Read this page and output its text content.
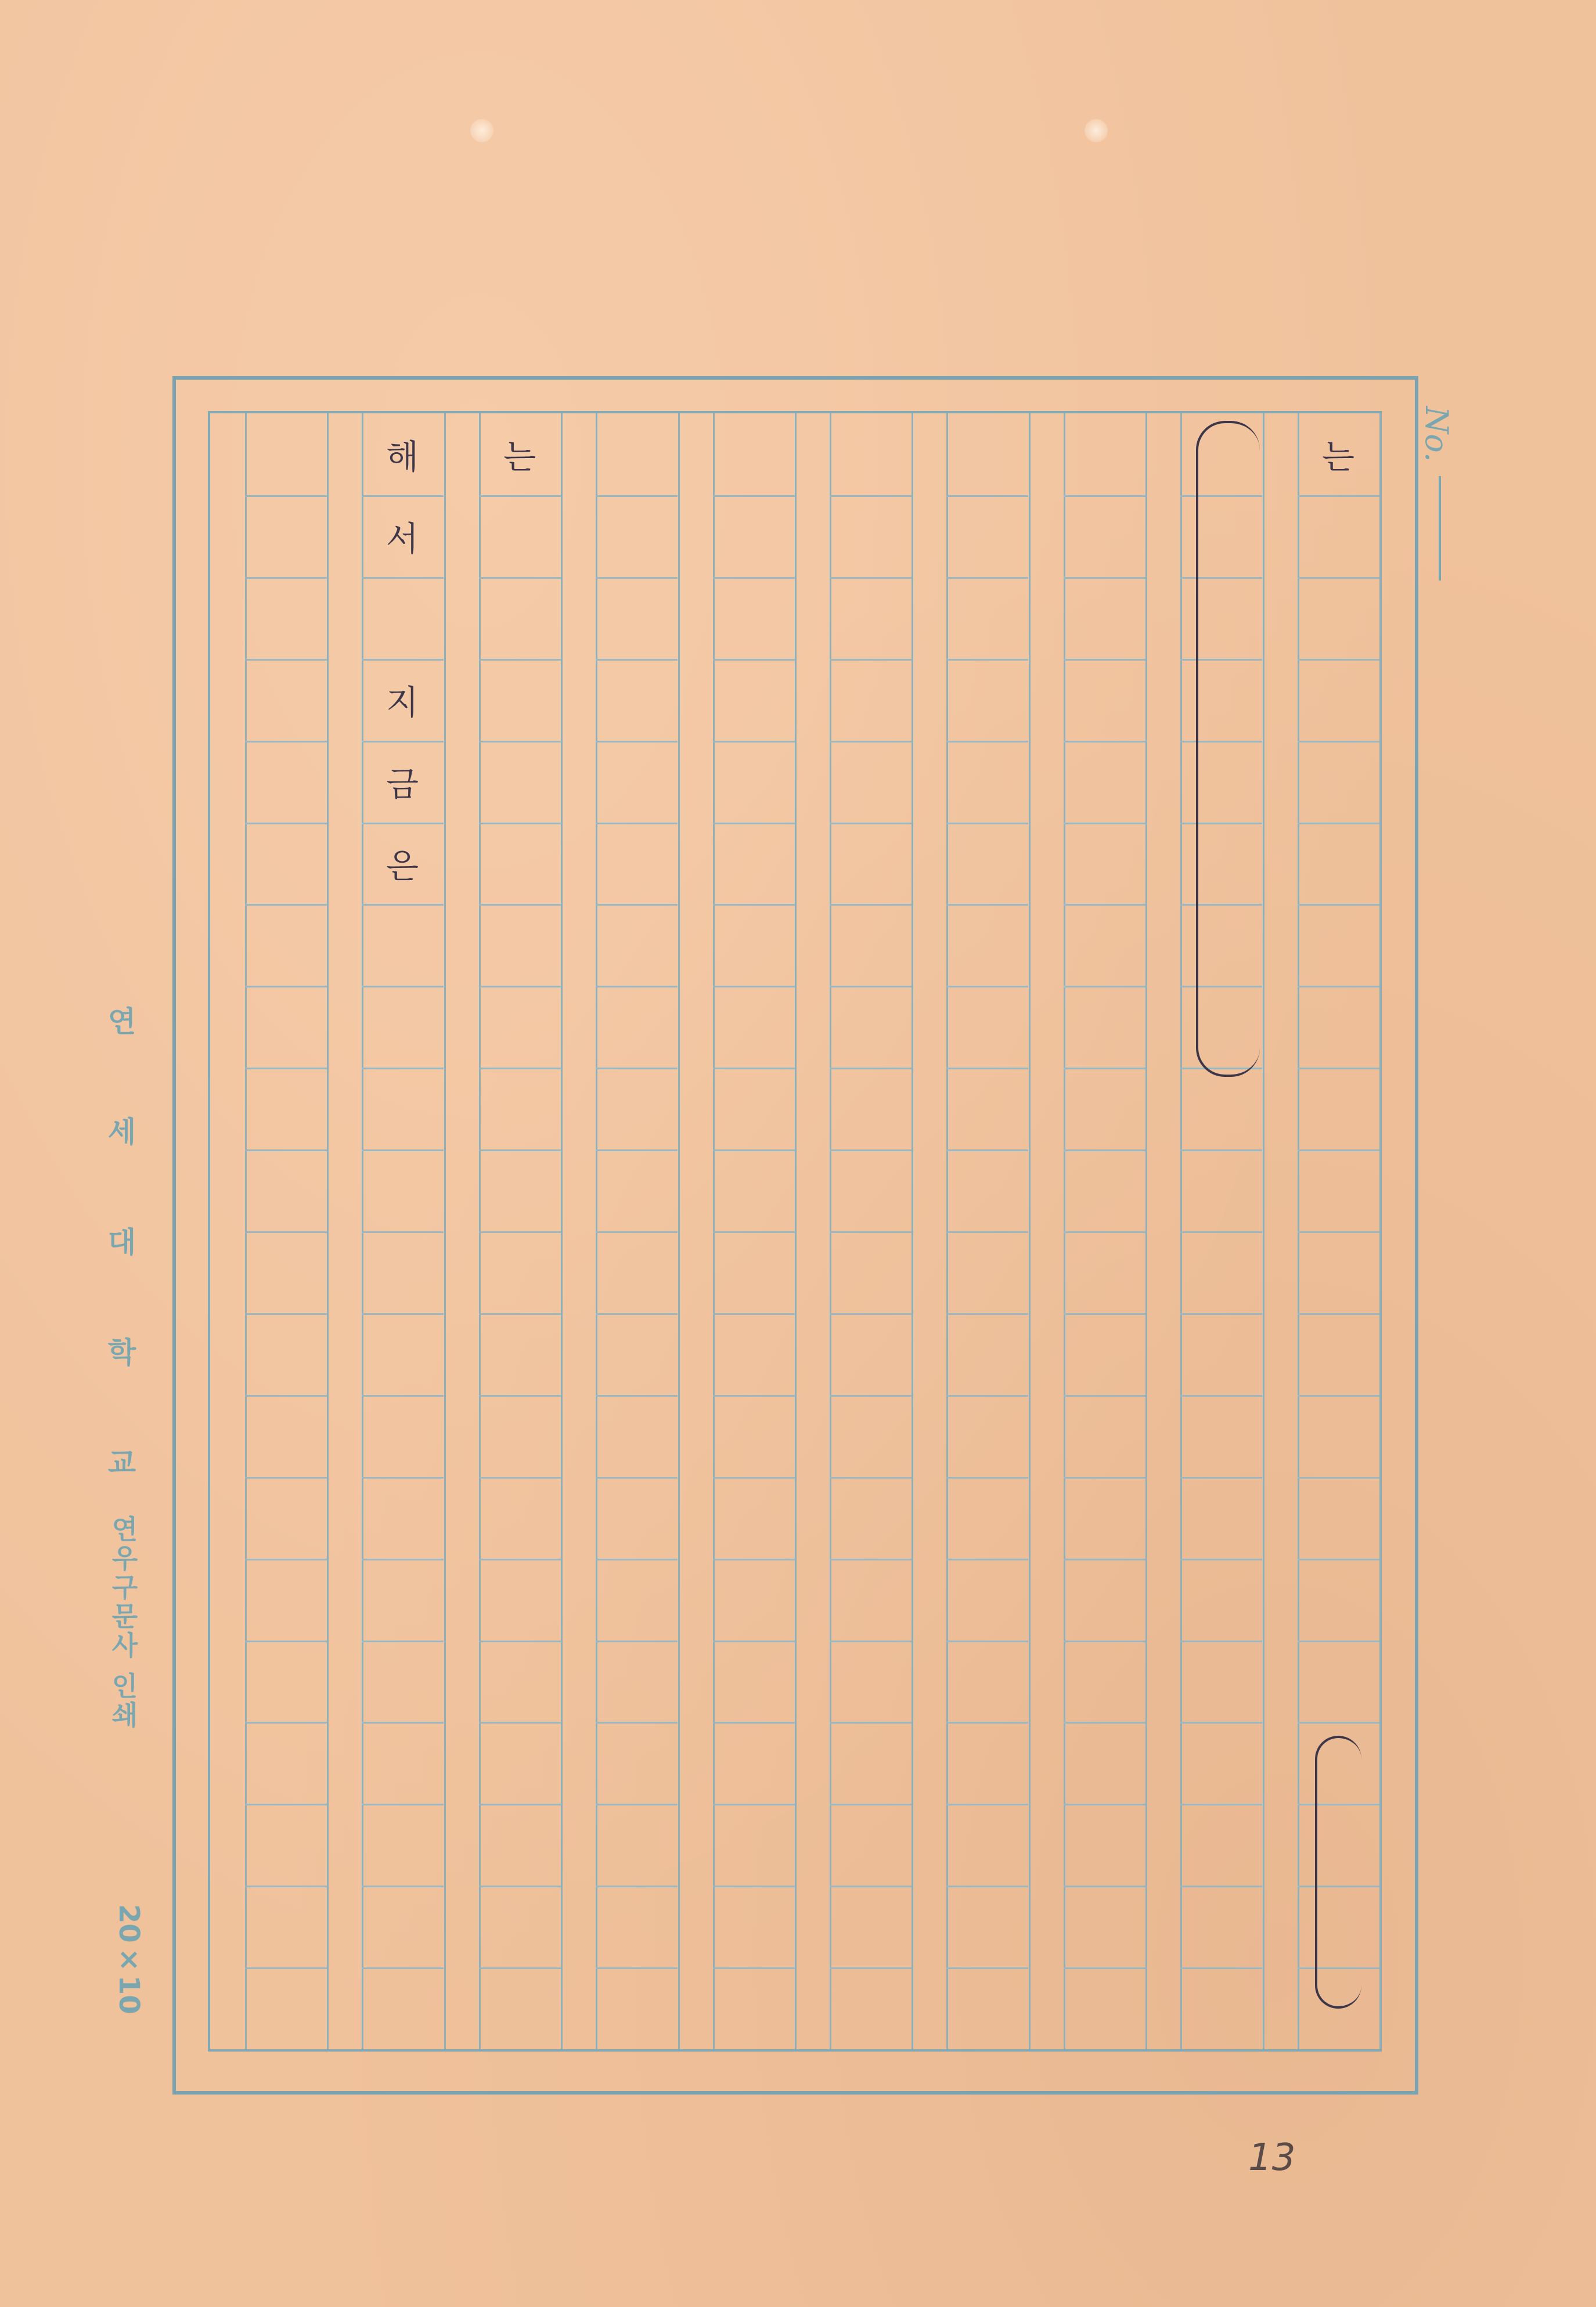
는
는
해
서
지
금
은
연
세
대
학
교
연우구문사 인쇄
20×10
No.
13
